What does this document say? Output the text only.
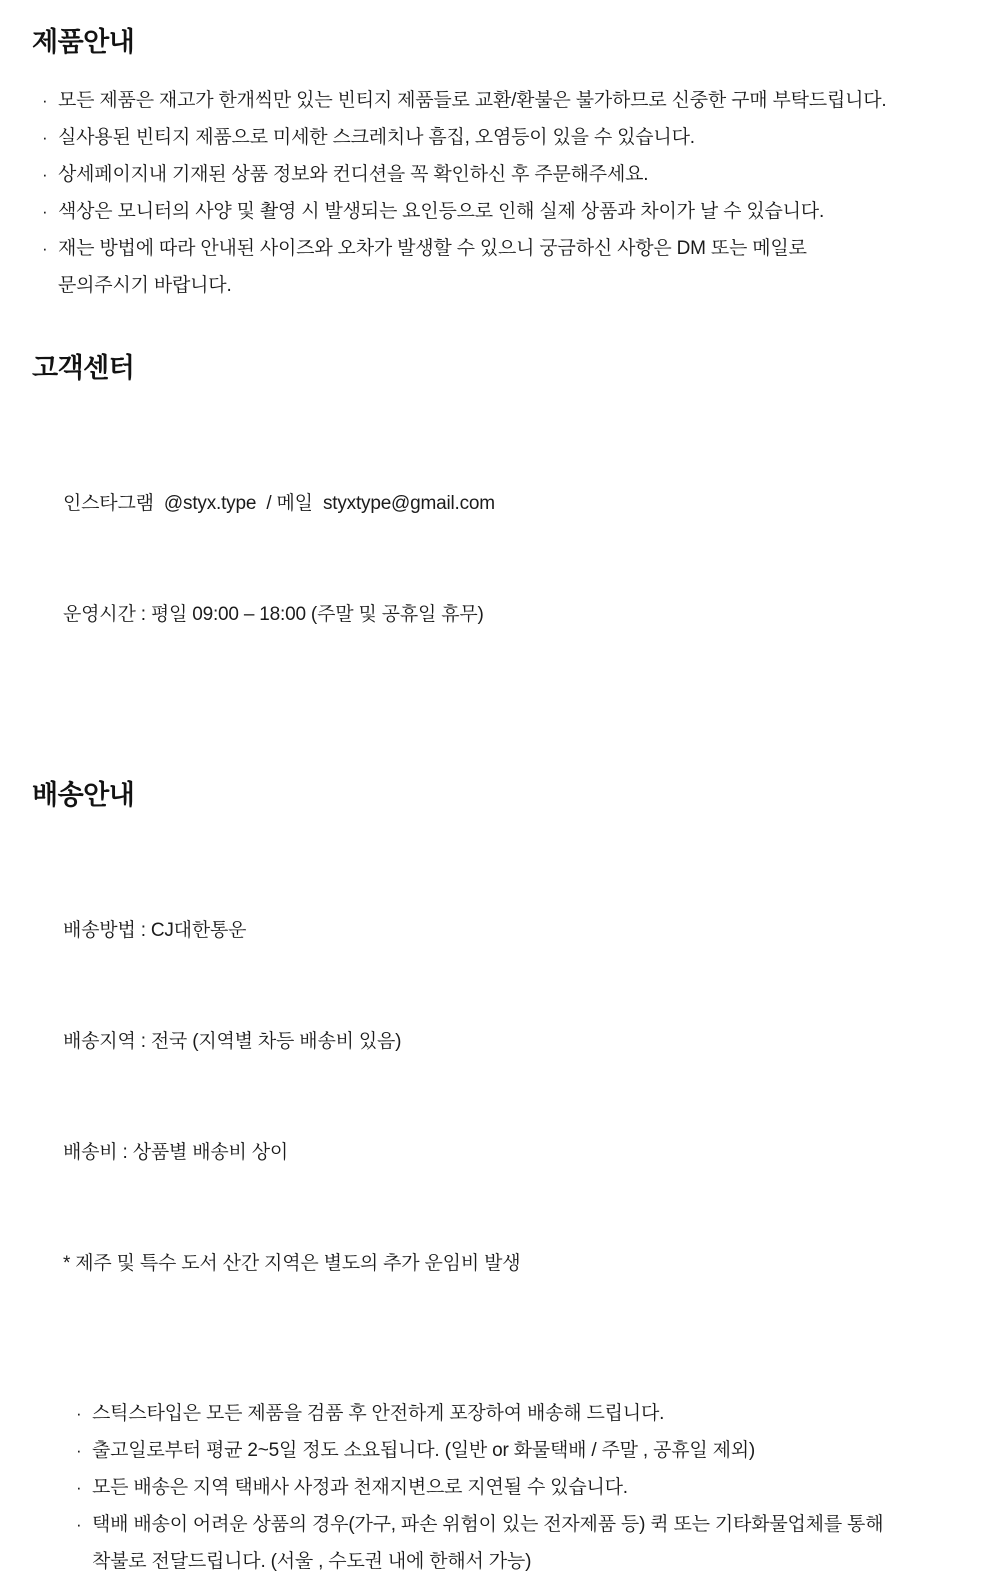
제품안내
· 모든 제품은 재고가 한개씩만 있는 빈티지 제품들로 교환/환불은 불가하므로 신중한 구매 부탁드립니다.
· 실사용된 빈티지 제품으로 미세한 스크레치나 흠집, 오염등이 있을 수 있습니다.
· 상세페이지내 기재된 상품 정보와 컨디션을 꼭 확인하신 후 주문해주세요.
· 색상은 모니터의 사양 및 촬영 시 발생되는 요인등으로 인해 실제 상품과 차이가 날 수 있습니다.
· 재는 방법에 따라 안내된 사이즈와 오차가 발생할 수 있으니 궁금하신 사항은 DM 또는 메일로
문의주시기 바랍니다.
고객센터

인스타그램  @styx.type  / 메일  styxtype@gmail.com

운영시간 : 평일 09:00 – 18:00 (주말 및 공휴일 휴무)

배송안내

배송방법 : CJ대한통운

배송지역 : 전국 (지역별 차등 배송비 있음)

배송비 : 상품별 배송비 상이

* 제주 및 특수 도서 산간 지역은 별도의 추가 운임비 발생

· 스틱스타입은 모든 제품을 검품 후 안전하게 포장하여 배송해 드립니다.
· 출고일로부터 평균 2~5일 정도 소요됩니다. (일반 or 화물택배 / 주말 , 공휴일 제외)
· 모든 배송은 지역 택배사 사정과 천재지변으로 지연될 수 있습니다.
· 택배 배송이 어려운 상품의 경우(가구, 파손 위험이 있는 전자제품 등) 퀵 또는 기타화물업체를 통해
착불로 전달드립니다. (서울 , 수도권 내에 한해서 가능)
